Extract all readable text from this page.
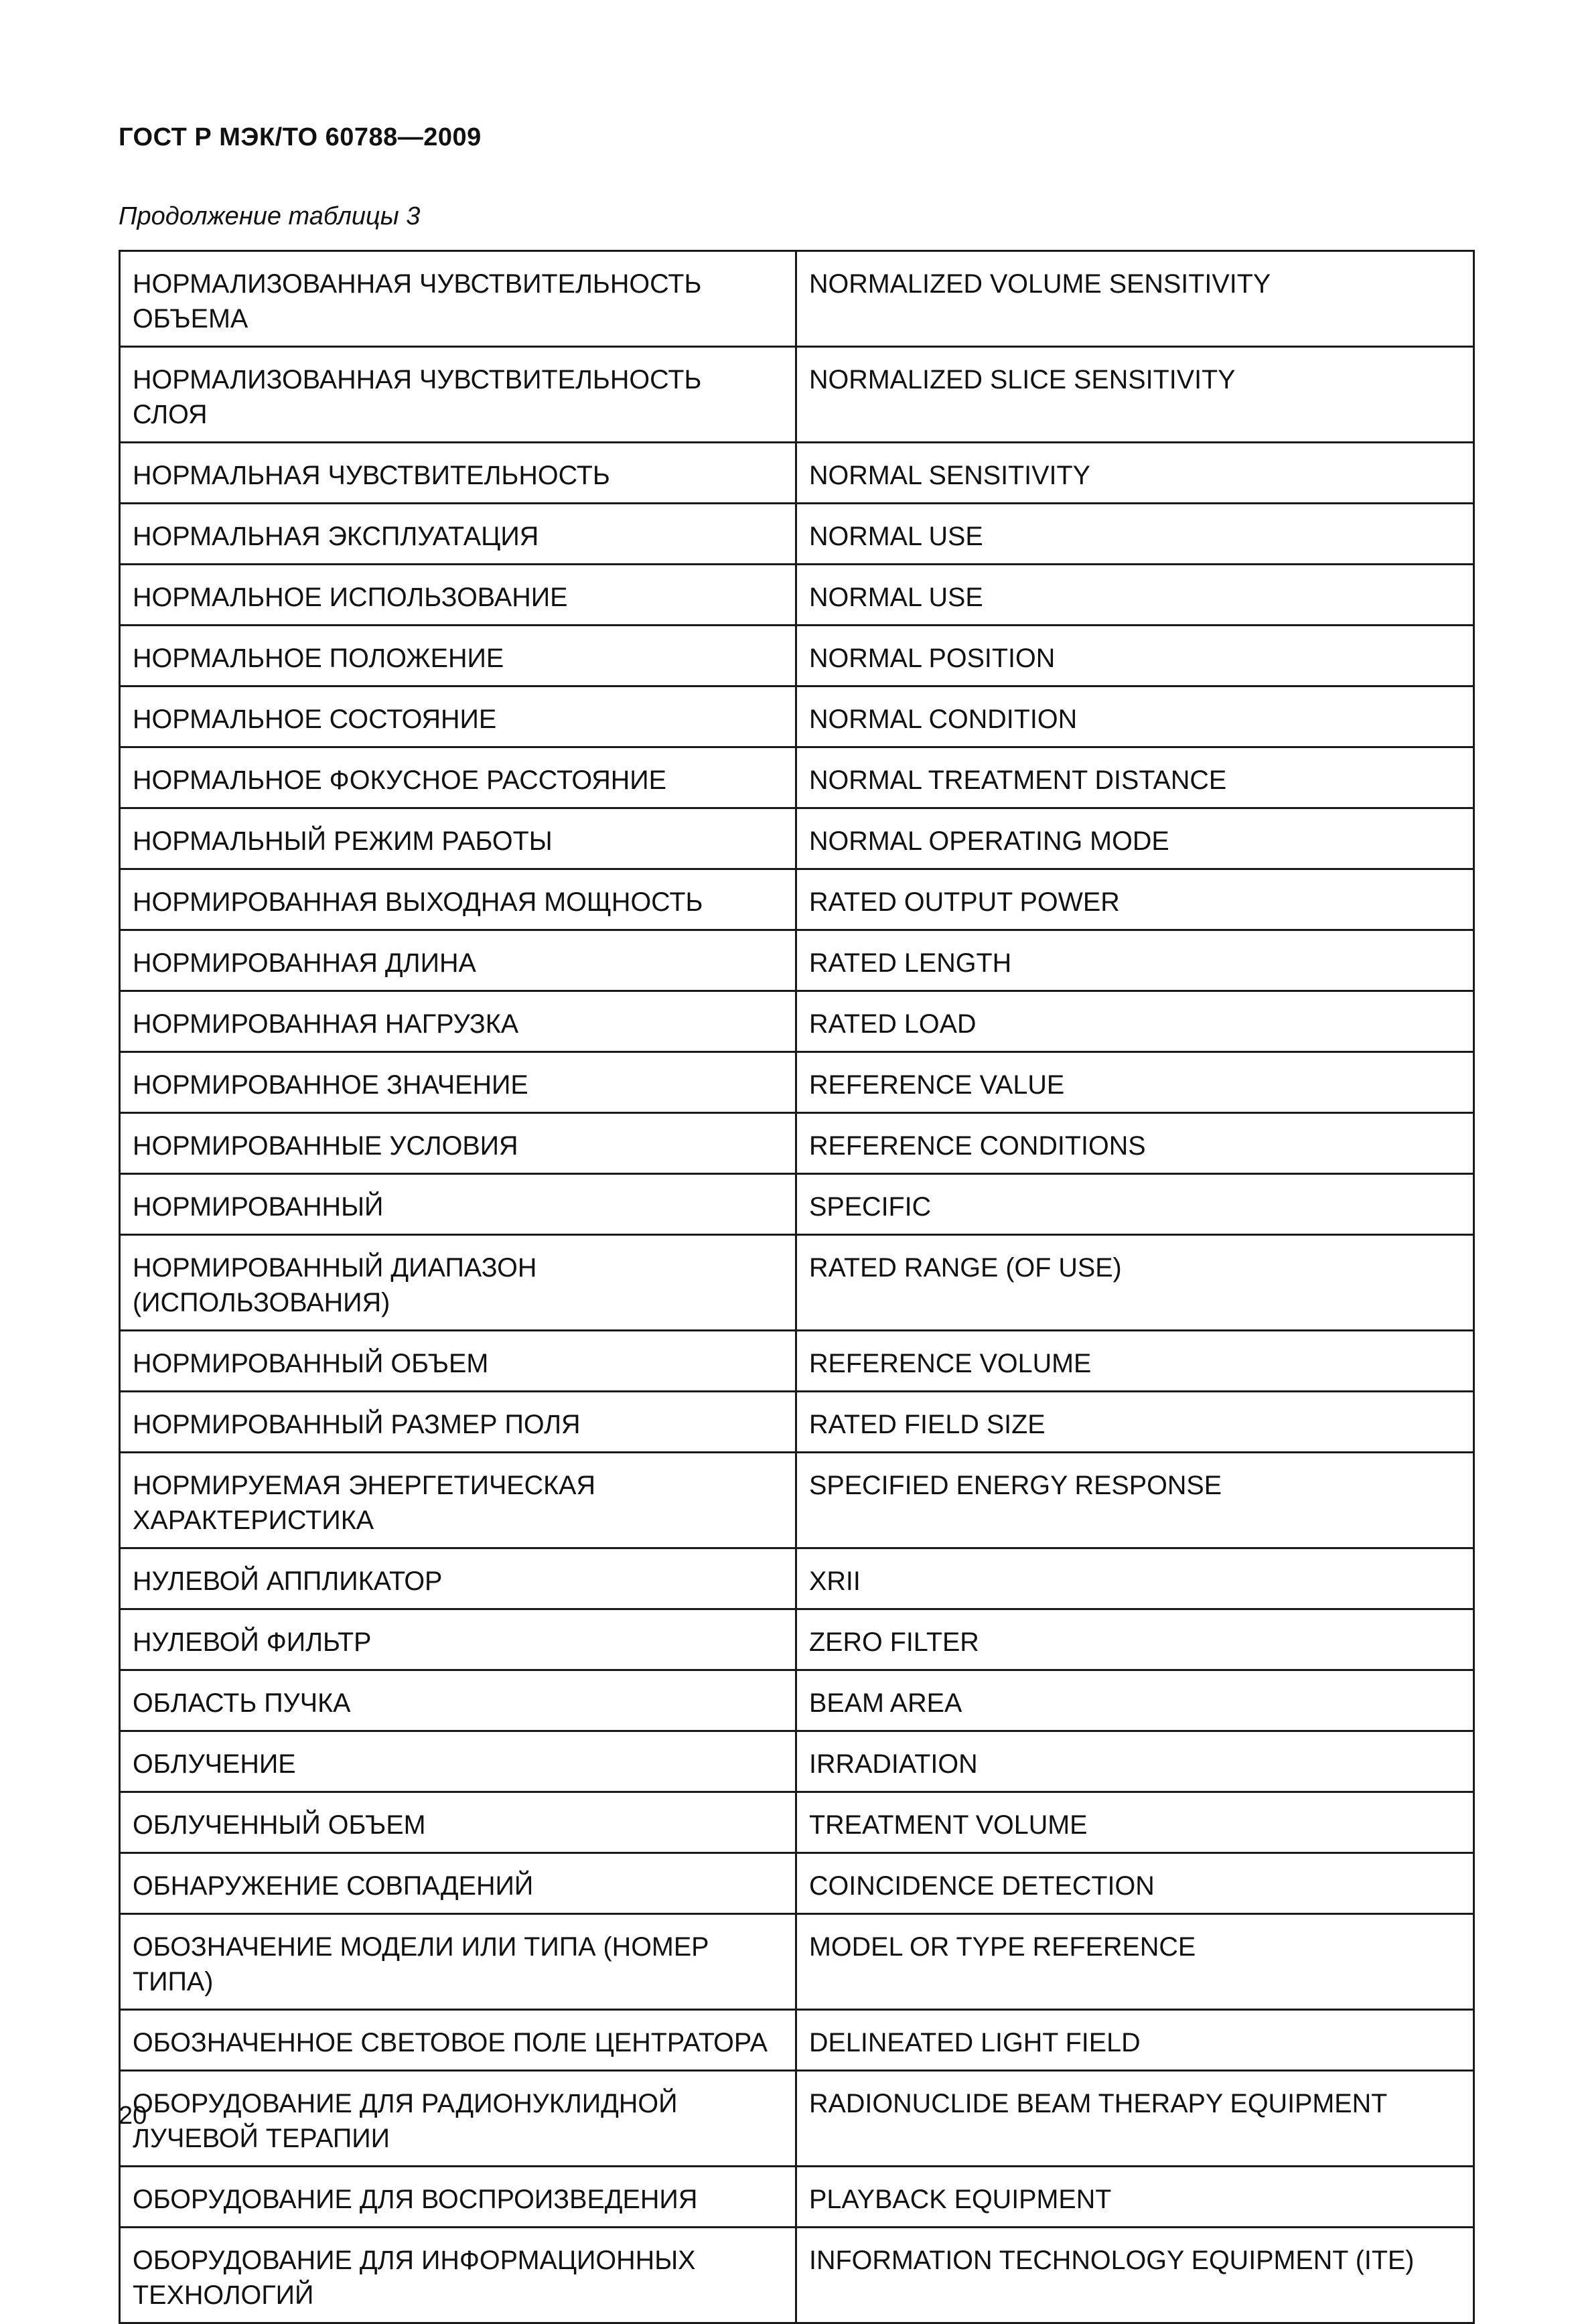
ГОСТ Р МЭК/ТО 60788—2009
Продолжение таблицы 3
НОРМАЛИЗОВАННАЯ ЧУВСТВИТЕЛЬНОСТЬ ОБЪЕМА	NORMALIZED VOLUME SENSITIVITY
НОРМАЛИЗОВАННАЯ ЧУВСТВИТЕЛЬНОСТЬ СЛОЯ	NORMALIZED SLICE SENSITIVITY
НОРМАЛЬНАЯ ЧУВСТВИТЕЛЬНОСТЬ	NORMAL SENSITIVITY
НОРМАЛЬНАЯ ЭКСПЛУАТАЦИЯ	NORMAL USE
НОРМАЛЬНОЕ ИСПОЛЬЗОВАНИЕ	NORMAL USE
НОРМАЛЬНОЕ ПОЛОЖЕНИЕ	NORMAL POSITION
НОРМАЛЬНОЕ СОСТОЯНИЕ	NORMAL CONDITION
НОРМАЛЬНОЕ ФОКУСНОЕ РАССТОЯНИЕ	NORMAL TREATMENT DISTANCE
НОРМАЛЬНЫЙ РЕЖИМ РАБОТЫ	NORMAL OPERATING MODE
НОРМИРОВАННАЯ ВЫХОДНАЯ МОЩНОСТЬ	RATED OUTPUT POWER
НОРМИРОВАННАЯ ДЛИНА	RATED LENGTH
НОРМИРОВАННАЯ НАГРУЗКА	RATED LOAD
НОРМИРОВАННОЕ ЗНАЧЕНИЕ	REFERENCE VALUE
НОРМИРОВАННЫЕ УСЛОВИЯ	REFERENCE CONDITIONS
НОРМИРОВАННЫЙ	SPECIFIC
НОРМИРОВАННЫЙ ДИАПАЗОН (ИСПОЛЬЗОВАНИЯ)	RATED RANGE (OF USE)
НОРМИРОВАННЫЙ ОБЪЕМ	REFERENCE VOLUME
НОРМИРОВАННЫЙ РАЗМЕР ПОЛЯ	RATED FIELD SIZE
НОРМИРУЕМАЯ ЭНЕРГЕТИЧЕСКАЯ ХАРАКТЕРИСТИКА	SPECIFIED ENERGY RESPONSE
НУЛЕВОЙ АППЛИКАТОР	XRII
НУЛЕВОЙ ФИЛЬТР	ZERO FILTER
ОБЛАСТЬ ПУЧКА	BEAM AREA
ОБЛУЧЕНИЕ	IRRADIATION
ОБЛУЧЕННЫЙ ОБЪЕМ	TREATMENT VOLUME
ОБНАРУЖЕНИЕ СОВПАДЕНИЙ	COINCIDENCE DETECTION
ОБОЗНАЧЕНИЕ МОДЕЛИ ИЛИ ТИПА (НОМЕР ТИПА)	MODEL OR TYPE REFERENCE
ОБОЗНАЧЕННОЕ СВЕТОВОЕ ПОЛЕ ЦЕНТРАТОРА	DELINEATED LIGHT FIELD
ОБОРУДОВАНИЕ ДЛЯ РАДИОНУКЛИДНОЙ ЛУЧЕВОЙ ТЕРАПИИ	RADIONUCLIDE BEAM THERAPY EQUIPMENT
ОБОРУДОВАНИЕ ДЛЯ ВОСПРОИЗВЕДЕНИЯ	PLAYBACK EQUIPMENT
ОБОРУДОВАНИЕ ДЛЯ ИНФОРМАЦИОННЫХ ТЕХНОЛОГИЙ	INFORMATION TECHNOLOGY EQUIPMENT (ITE)
20
